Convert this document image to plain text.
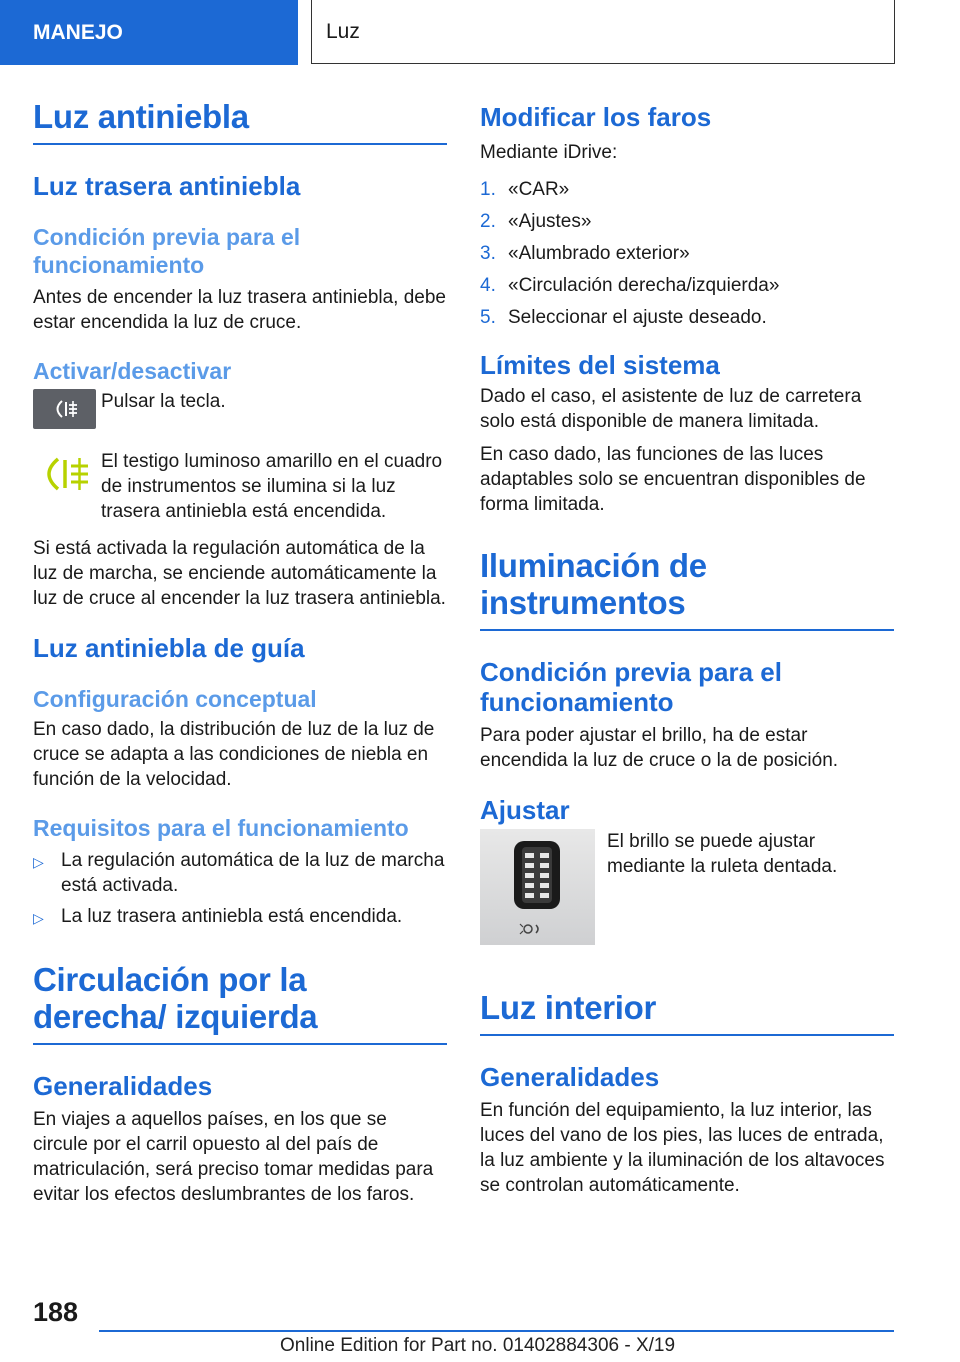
MANEJO	Luz
Luz antiniebla
Luz trasera antiniebla
Condición previa para el funcionamiento

Antes de encender la luz trasera antiniebla, debe estar encendida la luz de cruce.

Activar/desactivar

Pulsar la tecla.

El testigo luminoso amarillo en el cuadro de instrumentos se ilumina si la luz trasera antiniebla está encendida.

Si está activada la regulación automática de la luz de marcha, se enciende automáticamente la luz de cruce al encender la luz trasera antiniebla.

Luz antiniebla de guía
Configuración conceptual

En caso dado, la distribución de luz de la luz de cruce se adapta a las condiciones de niebla en función de la velocidad.

Requisitos para el funcionamiento
▷ La regulación automática de la luz de marcha está activada.
▷ La luz trasera antiniebla está encendida.
Circulación por la derecha/ izquierda
Generalidades

En viajes a aquellos países, en los que se circule por el carril opuesto al del país de matriculación, será preciso tomar medidas para evitar los efectos deslumbrantes de los faros.

Modificar los faros

Mediante iDrive:

1. «CAR»
2. «Ajustes»
3. «Alumbrado exterior»
4. «Circulación derecha/izquierda»
5. Seleccionar el ajuste deseado.
Límites del sistema

Dado el caso, el asistente de luz de carretera solo está disponible de manera limitada.

En caso dado, las funciones de las luces adaptables solo se encuentran disponibles de forma limitada.

Iluminación de instrumentos
Condición previa para el funcionamiento

Para poder ajustar el brillo, ha de estar encendida la luz de cruce o la de posición.

Ajustar

El brillo se puede ajustar mediante la ruleta dentada.

Luz interior
Generalidades

En función del equipamiento, la luz interior, las luces del vano de los pies, las luces de entrada, la luz ambiente y la iluminación de los altavoces se controlan automáticamente.

188
Online Edition for Part no. 01402884306 - X/19
